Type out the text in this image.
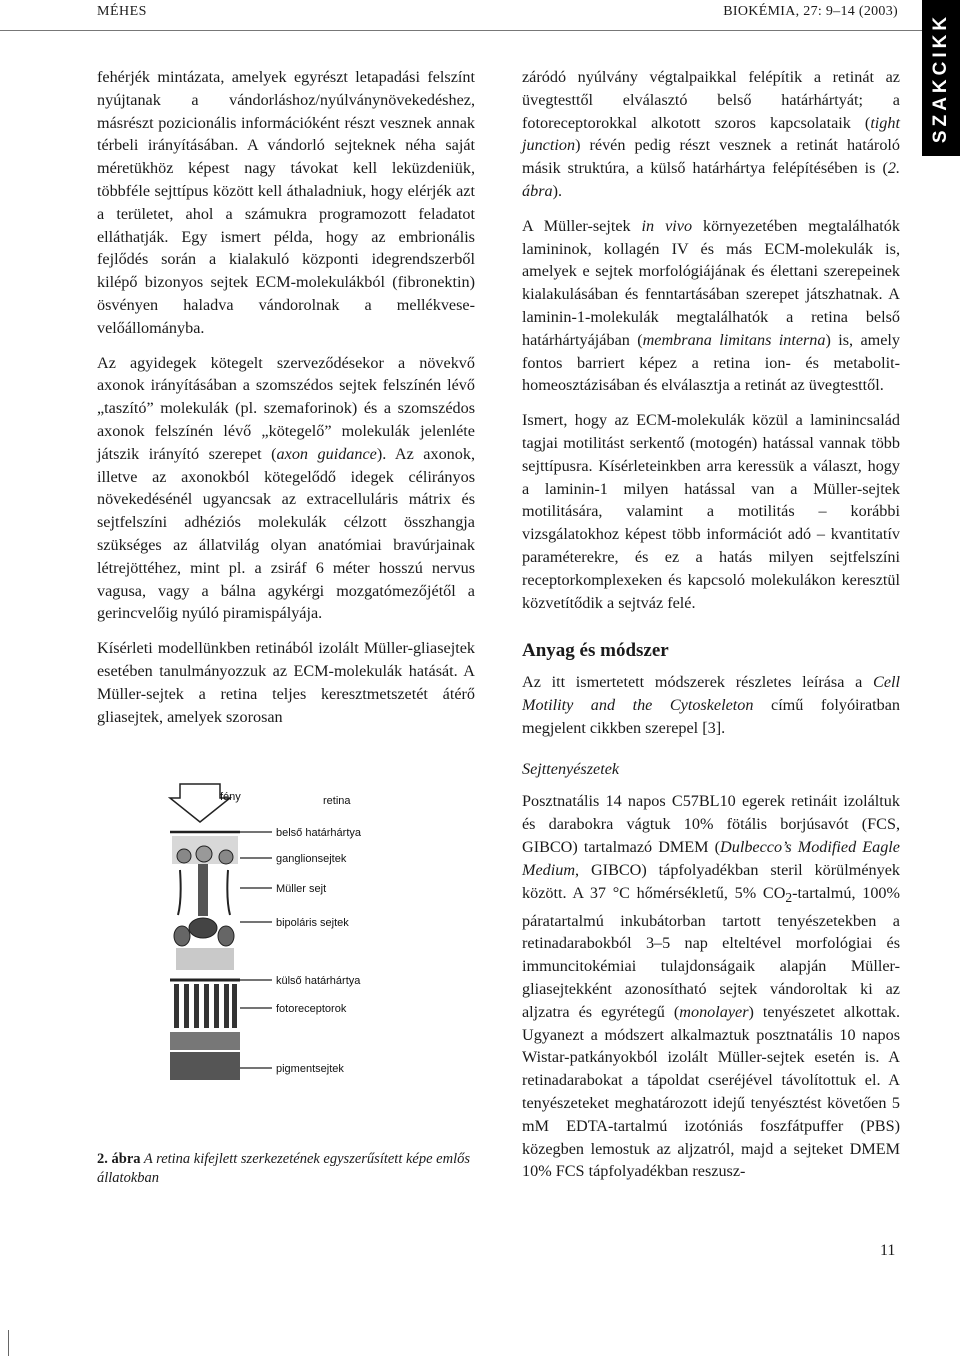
MÉHES	BIOKÉMIA, 27: 9–14 (2003)
SZAKCIKK

fehérjék mintázata, amelyek egyrészt letapadási felszínt nyújtanak a vándorláshoz/nyúlványnövekedéshez, másrészt pozicionális információként részt vesznek annak térbeli irányításában. A vándorló sejteknek néha saját méretükhöz képest nagy távokat kell leküzdeniük, többféle sejttípus között kell áthaladniuk, hogy elérjék azt a területet, ahol a számukra programozott feladatot elláthatják. Egy ismert példa, hogy az embrionális fejlődés során a kialakuló központi idegrendszerből kilépő bizonyos sejtek ECM-molekulákból (fibronektin) ösvényen haladva vándorolnak a mellékvese-velőállományba.

Az agyidegek kötegelt szerveződésekor a növekvő axonok irányításában a szomszédos sejtek felszínén lévő „taszító” molekulák (pl. szemaforinok) és a szomszédos axonok felszínén lévő „kötegelő” molekulák jelenléte játszik irányító szerepet (axon guidance). Az axonok, illetve az axonokból kötegelődő idegek célirányos növekedésénél ugyancsak az extracelluláris mátrix és sejtfelszíni adhéziós molekulák célzott összhangja szükséges az állatvilág olyan anatómiai bravúrjainak létrejöttéhez, mint pl. a zsiráf 6 méter hosszú nervus vagusa, vagy a bálna agykérgi mozgatómezőjétől a gerincvelőig nyúló piramispályája.

Kísérleti modellünkben retinából izolált Müller-gliasejtek esetében tanulmányozzuk az ECM-molekulák hatását. A Müller-sejtek a retina teljes keresztmetszetét átérő gliasejtek, amelyek szorosan

fény	retina
belső határhártya
ganglionsejtek
Müller sejt
bipoláris sejtek
külső határhártya
fotoreceptorok
pigmentsejtek
2. ábra A retina kifejlett szerkezetének egyszerűsített képe emlős állatokban

záródó nyúlvány végtalpaikkal felépítik a retinát az üvegtesttől elválasztó belső határhártyát; a fotoreceptorokkal alkotott szoros kapcsolataik (tight junction) révén pedig részt vesznek a retinát határoló másik struktúra, a külső határhártya felépítésében is (2. ábra).

A Müller-sejtek in vivo környezetében megtalálhatók lamininok, kollagén IV és más ECM-molekulák is, amelyek e sejtek morfológiájának és élettani szerepeinek kialakulásában és fenntartásában szerepet játszhatnak. A laminin-1-molekulák megtalálhatók a retina belső határhártyájában (membrana limitans interna) is, amely fontos barriert képez a retina ion- és metabolit-homeosztázisában és elválasztja a retinát az üvegtesttől.

Ismert, hogy az ECM-molekulák közül a laminincsalád tagjai motilitást serkentő (motogén) hatással vannak több sejttípusra. Kísérleteinkben arra keressük a választ, hogy a laminin-1 milyen hatással van a Müller-sejtek motilitására, valamint a motilitás – korábbi vizsgálatokhoz képest több információt adó – kvantitatív paraméterekre, és ez a hatás milyen sejtfelszíni receptorkomplexeken és kapcsoló molekulákon keresztül közvetítődik a sejtváz felé.

Anyag és módszer

Az itt ismertetett módszerek részletes leírása a Cell Motility and the Cytoskeleton című folyóiratban megjelent cikkben szerepel [3].

Sejttenyészetek

Posztnatális 14 napos C57BL10 egerek retináit izoláltuk és darabokra vágtuk 10% fötális borjúsavót (FCS, GIBCO) tartalmazó DMEM (Dulbecco’s Modified Eagle Medium, GIBCO) tápfolyadékban steril körülmények között. A 37 °C hőmérsékletű, 5% $CO_2$-tartalmú, 100% páratartalmú inkubátorban tartott tenyészetekben a retinadarabokból 3–5 nap elteltével morfológiai és immuncitokémiai tulajdonságaik alapján Müller-gliasejtekként azonosítható sejtek vándoroltak ki az aljzatra és egyrétegű (monolayer) tenyészetet alkottak. Ugyanezt a módszert alkalmaztuk posztnatális 10 napos Wistar-patkányokból izolált Müller-sejtek esetén is. A retinadarabokat a tápoldat cseréjével távolítottuk el. A tenyészeteket meghatározott idejű tenyésztést követően 5 mM EDTA-tartalmú izotóniás foszfátpuffer (PBS) közegben lemostuk az aljzatról, majd a sejteket DMEM 10% FCS tápfolyadékban reszusz-

11
